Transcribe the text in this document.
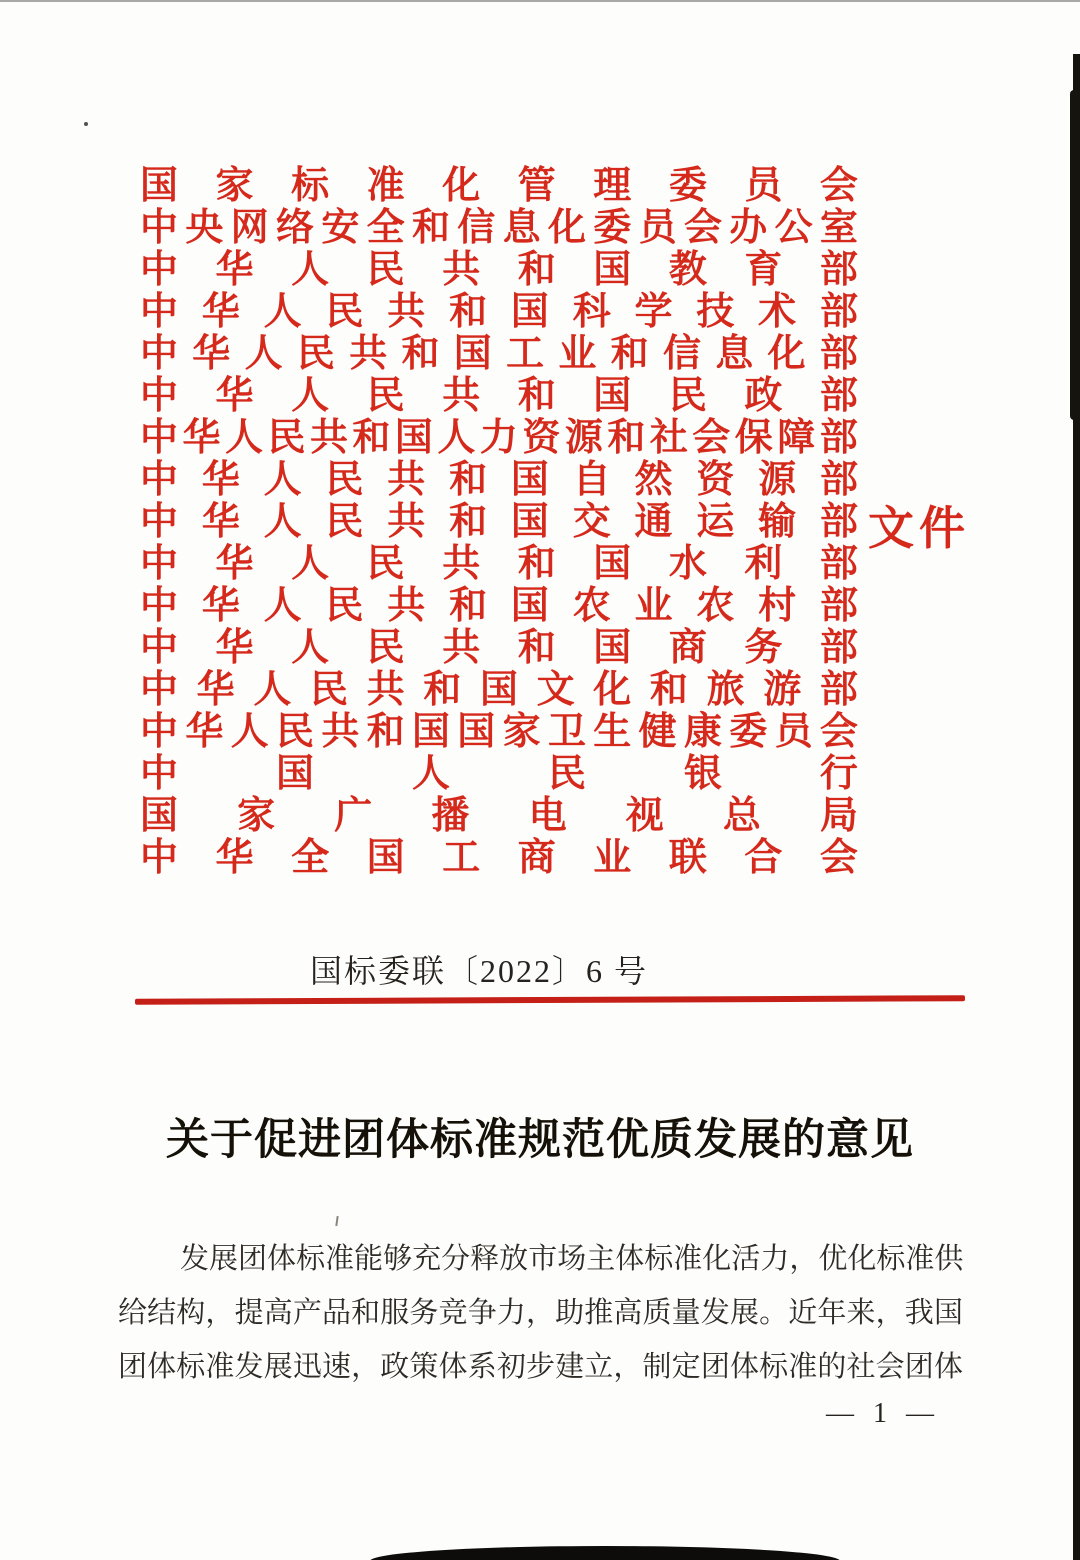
国 家 标 准 化 管 理 委 员 会
中 央 网 络 安 全 和 信 息 化 委 员 会 办 公 室
中 华 人 民 共 和 国 教 育 部
中 华 人 民 共 和 国 科 学 技 术 部
中 华 人 民 共 和 国 工 业 和 信 息 化 部
中 华 人 民 共 和 国 民 政 部
中 华 人 民 共 和 国 人 力 资 源 和 社 会 保 障 部
中 华 人 民 共 和 国 自 然 资 源 部
中 华 人 民 共 和 国 交 通 运 输 部
中 华 人 民 共 和 国 水 利 部
中 华 人 民 共 和 国 农 业 农 村 部
中 华 人 民 共 和 国 商 务 部
中 华 人 民 共 和 国 文 化 和 旅 游 部
中 华 人 民 共 和 国 国 家 卫 生 健 康 委 员 会
中	国	人	民	银	行
国 家 广 播 电 视 总 局
中 华 全 国 工 商 业 联 合 会
文件
国标委联〔2022〕6 号
关于促进团体标准规范优质发展的意见
发 展 团 体 标 准 能 够 充 分 释 放 市 场 主 体 标 准 化 活 力 ， 优 化 标 准 供
给 结 构 ， 提 高 产 品 和 服 务 竞 争 力 ， 助 推 高 质 量 发 展 。 近 年 来 ， 我 国
团 体 标 准 发 展 迅 速 ， 政 策 体 系 初 步 建 立 ， 制 定 团 体 标 准 的 社 会 团 体
— 1 —
